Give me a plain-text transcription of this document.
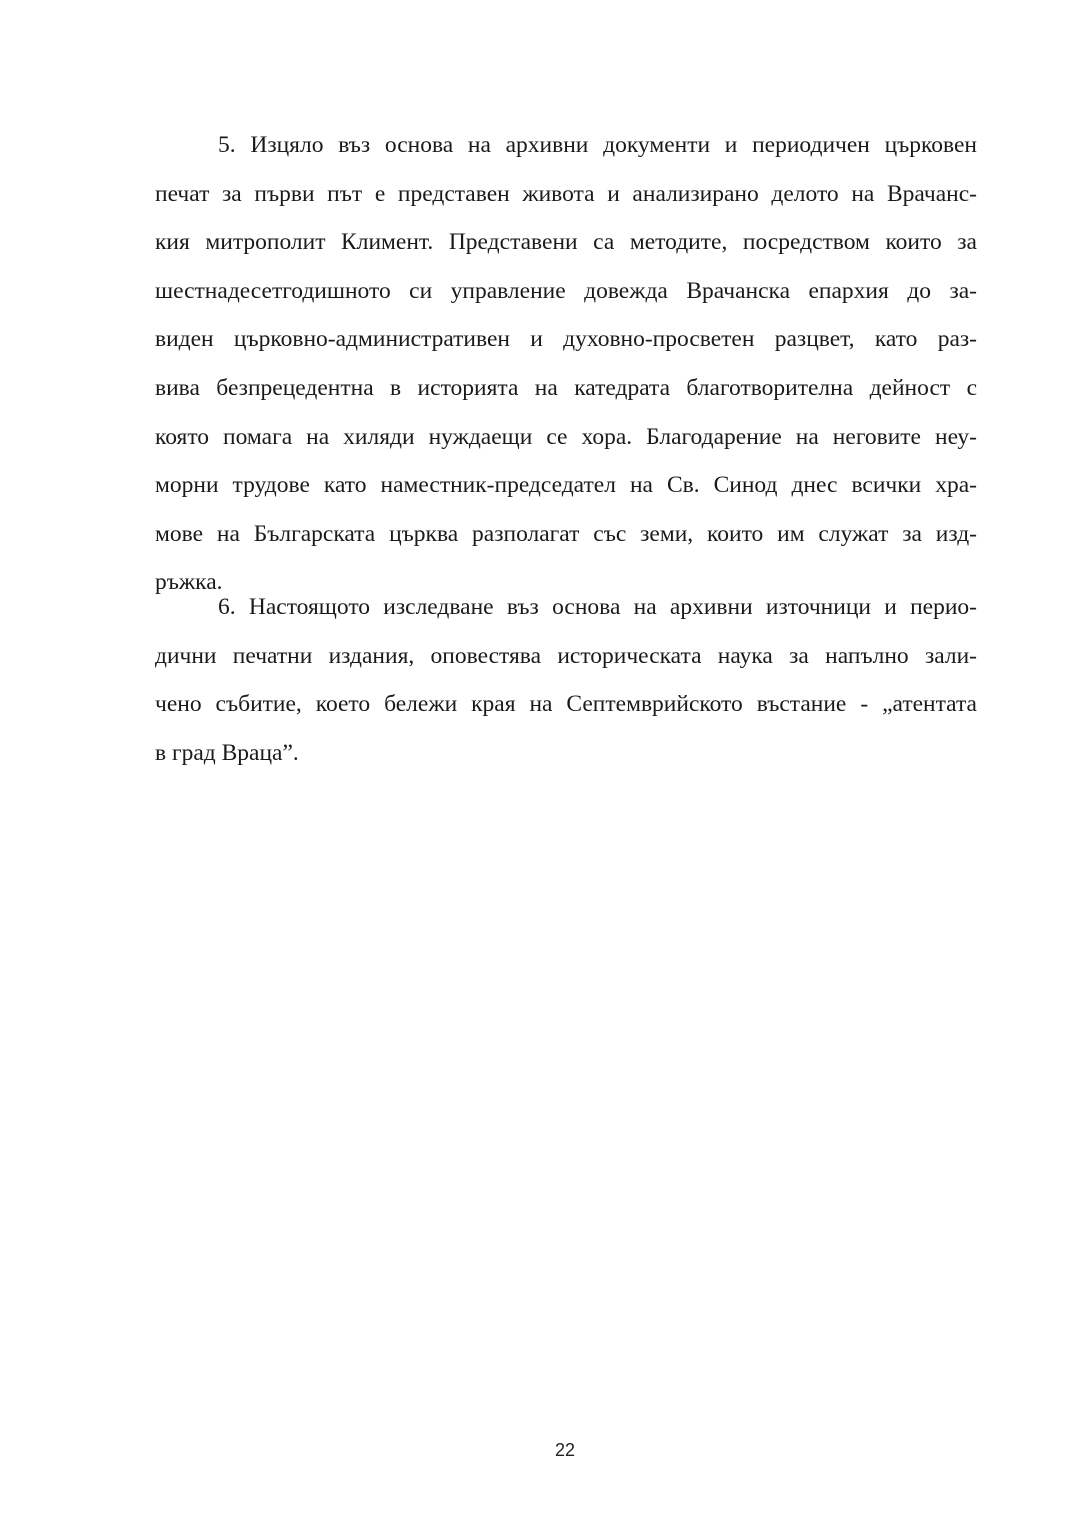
5. Изцяло въз основа на архивни документи и периодичен църковен
печат за първи път е представен живота и анализирано делото на Врачанс-
кия митрополит Климент. Представени са методите, посредством които за
шестнадесетгодишното си управление довежда Врачанска епархия до за-
виден църковно-административен и духовно-просветен разцвет, като раз-
вива безпрецедентна в историята на катедрата благотворителна дейност с
която помага на хиляди нуждаещи се хора. Благодарение на неговите неу-
морни трудове като наместник-председател на Св. Синод днес всички хра-
мове на Българската църква разполагат със земи, които им служат за изд-
ръжка.
6. Настоящото изследване въз основа на архивни източници и перио-
дични печатни издания, оповестява историческата наука за напълно зали-
чено събитие, което бележи края на Септемврийското въстание - „атентата
в град Враца”.
22
